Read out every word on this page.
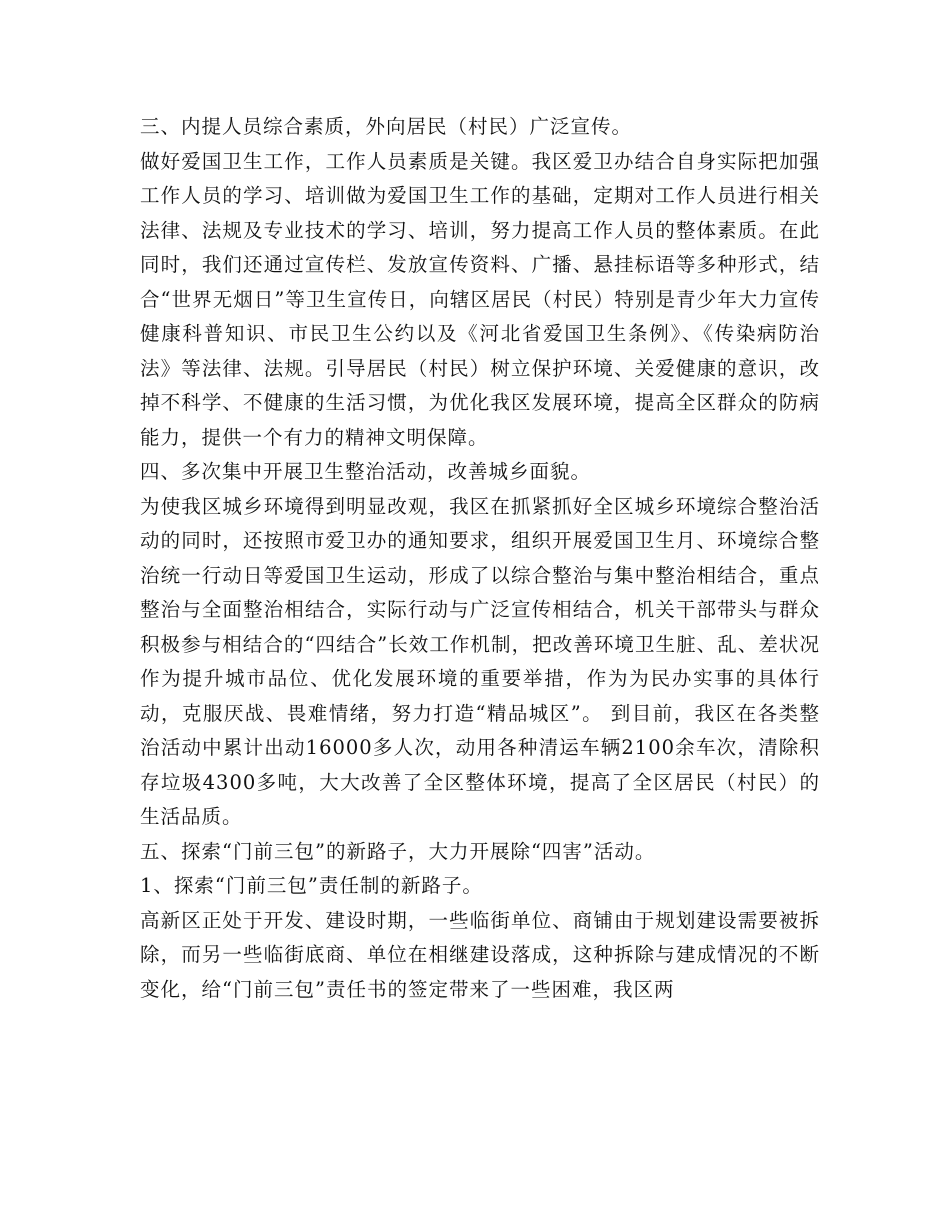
三、内提人员综合素质，外向居民（村民）广泛宣传。

做好爱国卫生工作，工作人员素质是关键。我区爱卫办结合自身实际把加强工作人员的学习、培训做为爱国卫生工作的基础，定期对工作人员进行相关法律、法规及专业技术的学习、培训，努力提高工作人员的整体素质。在此同时，我们还通过宣传栏、发放宣传资料、广播、悬挂标语等多种形式，结合“世界无烟日”等卫生宣传日，向辖区居民（村民）特别是青少年大力宣传健康科普知识、市民卫生公约以及《河北省爱国卫生条例》、《传染病防治法》等法律、法规。引导居民（村民）树立保护环境、关爱健康的意识，改掉不科学、不健康的生活习惯，为优化我区发展环境，提高全区群众的防病能力，提供一个有力的精神文明保障。

四、多次集中开展卫生整治活动，改善城乡面貌。

为使我区城乡环境得到明显改观，我区在抓紧抓好全区城乡环境综合整治活动的同时，还按照市爱卫办的通知要求，组织开展爱国卫生月、环境综合整治统一行动日等爱国卫生运动，形成了以综合整治与集中整治相结合，重点整治与全面整治相结合，实际行动与广泛宣传相结合，机关干部带头与群众积极参与相结合的“四结合”长效工作机制，把改善环境卫生脏、乱、差状况作为提升城市品位、优化发展环境的重要举措，作为为民办实事的具体行动，克服厌战、畏难情绪，努力打造“精品城区”。 到目前，我区在各类整治活动中累计出动16000多人次，动用各种清运车辆2100余车次，清除积存垃圾4300多吨，大大改善了全区整体环境，提高了全区居民（村民）的生活品质。

五、探索“门前三包”的新路子，大力开展除“四害”活动。

1、探索“门前三包”责任制的新路子。

高新区正处于开发、建设时期，一些临街单位、商铺由于规划建设需要被拆除，而另一些临街底商、单位在相继建设落成，这种拆除与建成情况的不断变化，给“门前三包”责任书的签定带来了一些困难，我区两
